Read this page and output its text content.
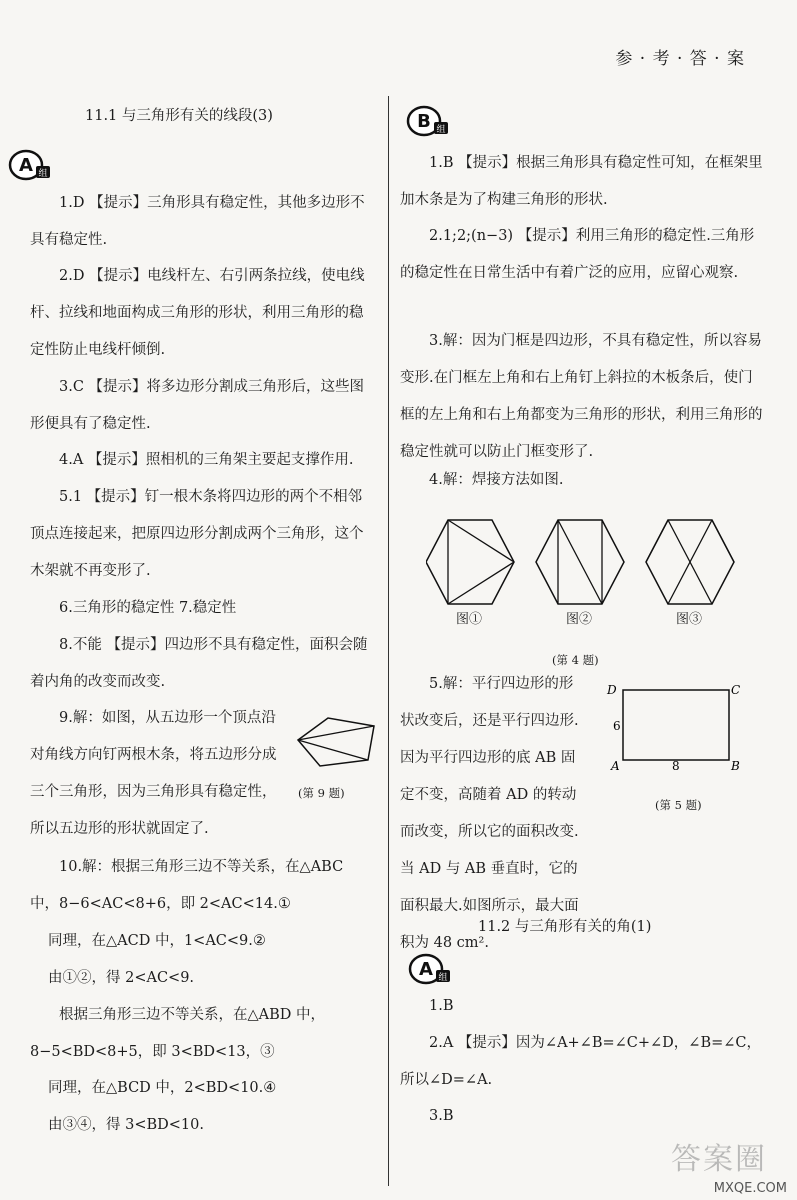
参 · 考 · 答 · 案
11.1 与三角形有关的线段(3)
A 组
1.D 【提示】三角形具有稳定性，其他多边形不具有稳定性.
2.D 【提示】电线杆左、右引两条拉线，使电线杆、拉线和地面构成三角形的形状，利用三角形的稳定性防止电线杆倾倒.
3.C 【提示】将多边形分割成三角形后，这些图形便具有了稳定性.
4.A 【提示】照相机的三角架主要起支撑作用.
5.1 【提示】钉一根木条将四边形的两个不相邻顶点连接起来，把原四边形分割成两个三角形，这个木架就不再变形了.
6.三角形的稳定性 7.稳定性
8.不能 【提示】四边形不具有稳定性，面积会随着内角的改变而改变.
9.解：如图，从五边形一个顶点沿对角线方向钉两根木条，将五边形分成三个三角形，因为三角形具有稳定性，所以五边形的形状就固定了.
(第 9 题)
10.解：根据三角形三边不等关系，在△ABC 中，8−6<AC<8+6，即 2<AC<14.①
同理，在△ACD 中，1<AC<9.②
由①②，得 2<AC<9.
根据三角形三边不等关系，在△ABD 中，8−5<BD<8+5，即 3<BD<13，③
同理，在△BCD 中，2<BD<10.④
由③④，得 3<BD<10.
B 组
1.B 【提示】根据三角形具有稳定性可知，在框架里加木条是为了构建三角形的形状.
2.1;2;(n−3) 【提示】利用三角形的稳定性.三角形的稳定性在日常生活中有着广泛的应用，应留心观察.
3.解：因为门框是四边形，不具有稳定性，所以容易变形.在门框左上角和右上角钉上斜拉的木板条后，使门框的左上角和右上角都变为三角形的形状，利用三角形的稳定性就可以防止门框变形了.
4.解：焊接方法如图.
图①	图②	图③
(第 4 题)
5.解：平行四边形的形状改变后，还是平行四边形.因为平行四边形的底 AB 固定不变，高随着 AD 的转动而改变，所以它的面积改变.当 AD 与 AB 垂直时，它的面积最大.如图所示，最大面积为 48 cm².
D	C
A	B
6
8
(第 5 题)
11.2 与三角形有关的角(1)
A 组
1.B
2.A 【提示】因为∠A+∠B=∠C+∠D，∠B=∠C，所以∠D=∠A.
3.B
答案圈
MXQE.COM
